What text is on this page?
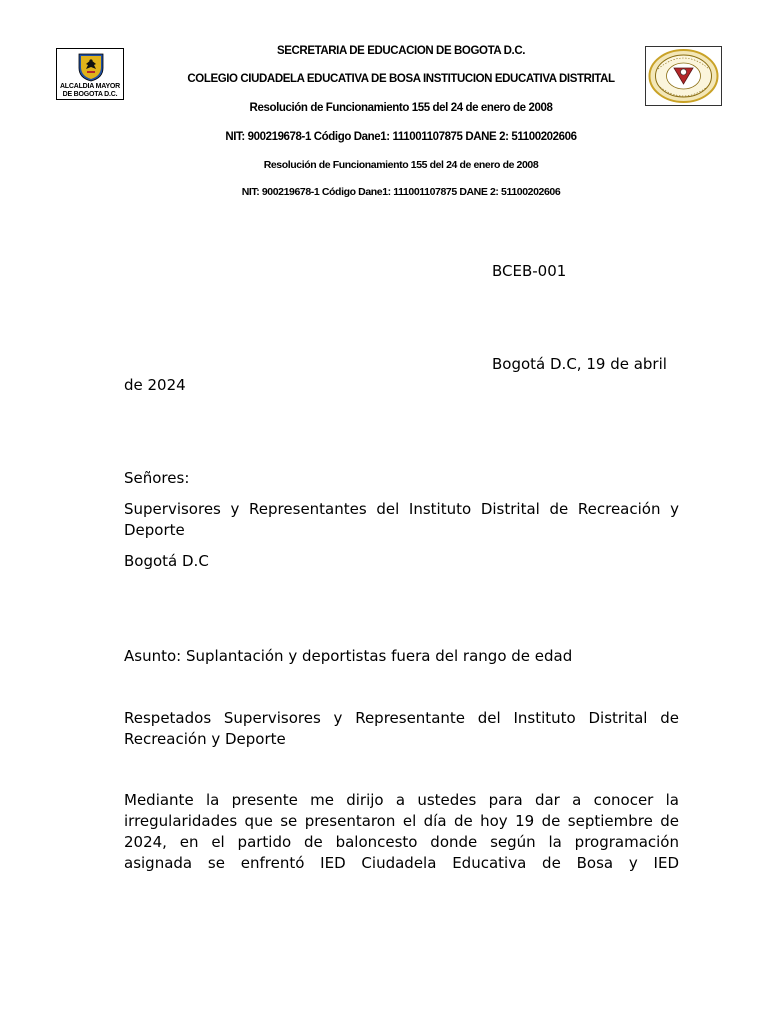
ALCALDIA MAYOR
DE BOGOTA D.C.
SECRETARIA DE EDUCACION DE BOGOTA D.C.
COLEGIO CIUDADELA EDUCATIVA DE BOSA INSTITUCION EDUCATIVA DISTRITAL
Resolución de Funcionamiento 155 del 24 de enero de 2008
NIT: 900219678-1 Código Dane1: 111001107875 DANE 2: 51100202606
Resolución de Funcionamiento 155 del 24 de enero de 2008
NIT: 900219678-1 Código Dane1: 111001107875 DANE 2: 51100202606
BCEB-001
Bogotá D.C, 19 de abril
de 2024
Señores:
Supervisores y Representantes del Instituto Distrital de Recreación y
Deporte
Bogotá D.C
Asunto: Suplantación y deportistas fuera del rango de edad
Respetados Supervisores y Representante del Instituto Distrital de
Recreación y Deporte
Mediante la presente me dirijo a ustedes para dar a conocer la
irregularidades que se presentaron el día de hoy 19 de septiembre de
2024, en el partido de baloncesto donde según la programación
asignada se enfrentó IED Ciudadela Educativa de Bosa y IED
